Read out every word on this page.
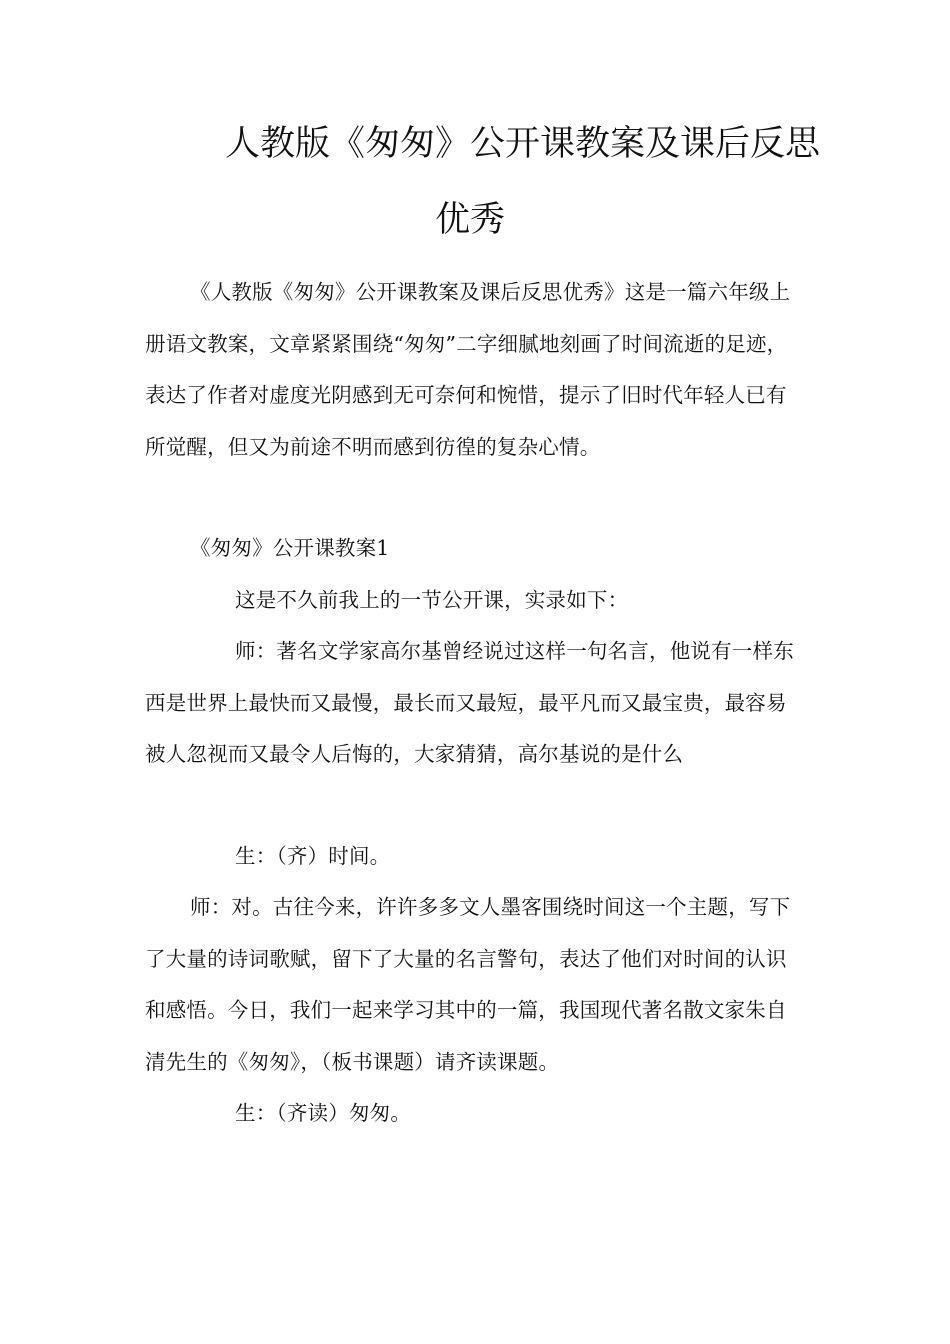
人教版《匆匆》公开课教案及课后反思
优秀

《人教版《匆匆》公开课教案及课后反思优秀》这是一篇六年级上册语文教案，文章紧紧围绕“匆匆”二字细腻地刻画了时间流逝的足迹，表达了作者对虚度光阴感到无可奈何和惋惜，提示了旧时代年轻人已有所觉醒，但又为前途不明而感到彷徨的复杂心情。

《匆匆》公开课教案1

这是不久前我上的一节公开课，实录如下：

师：著名文学家高尔基曾经说过这样一句名言，他说有一样东西是世界上最快而又最慢，最长而又最短，最平凡而又最宝贵，最容易被人忽视而又最令人后悔的，大家猜猜，高尔基说的是什么

生：（齐）时间。

师：对。古往今来，许许多多文人墨客围绕时间这一个主题，写下了大量的诗词歌赋，留下了大量的名言警句，表达了他们对时间的认识和感悟。今日，我们一起来学习其中的一篇，我国现代著名散文家朱自清先生的《匆匆》，（板书课题）请齐读课题。

生：（齐读）匆匆。
